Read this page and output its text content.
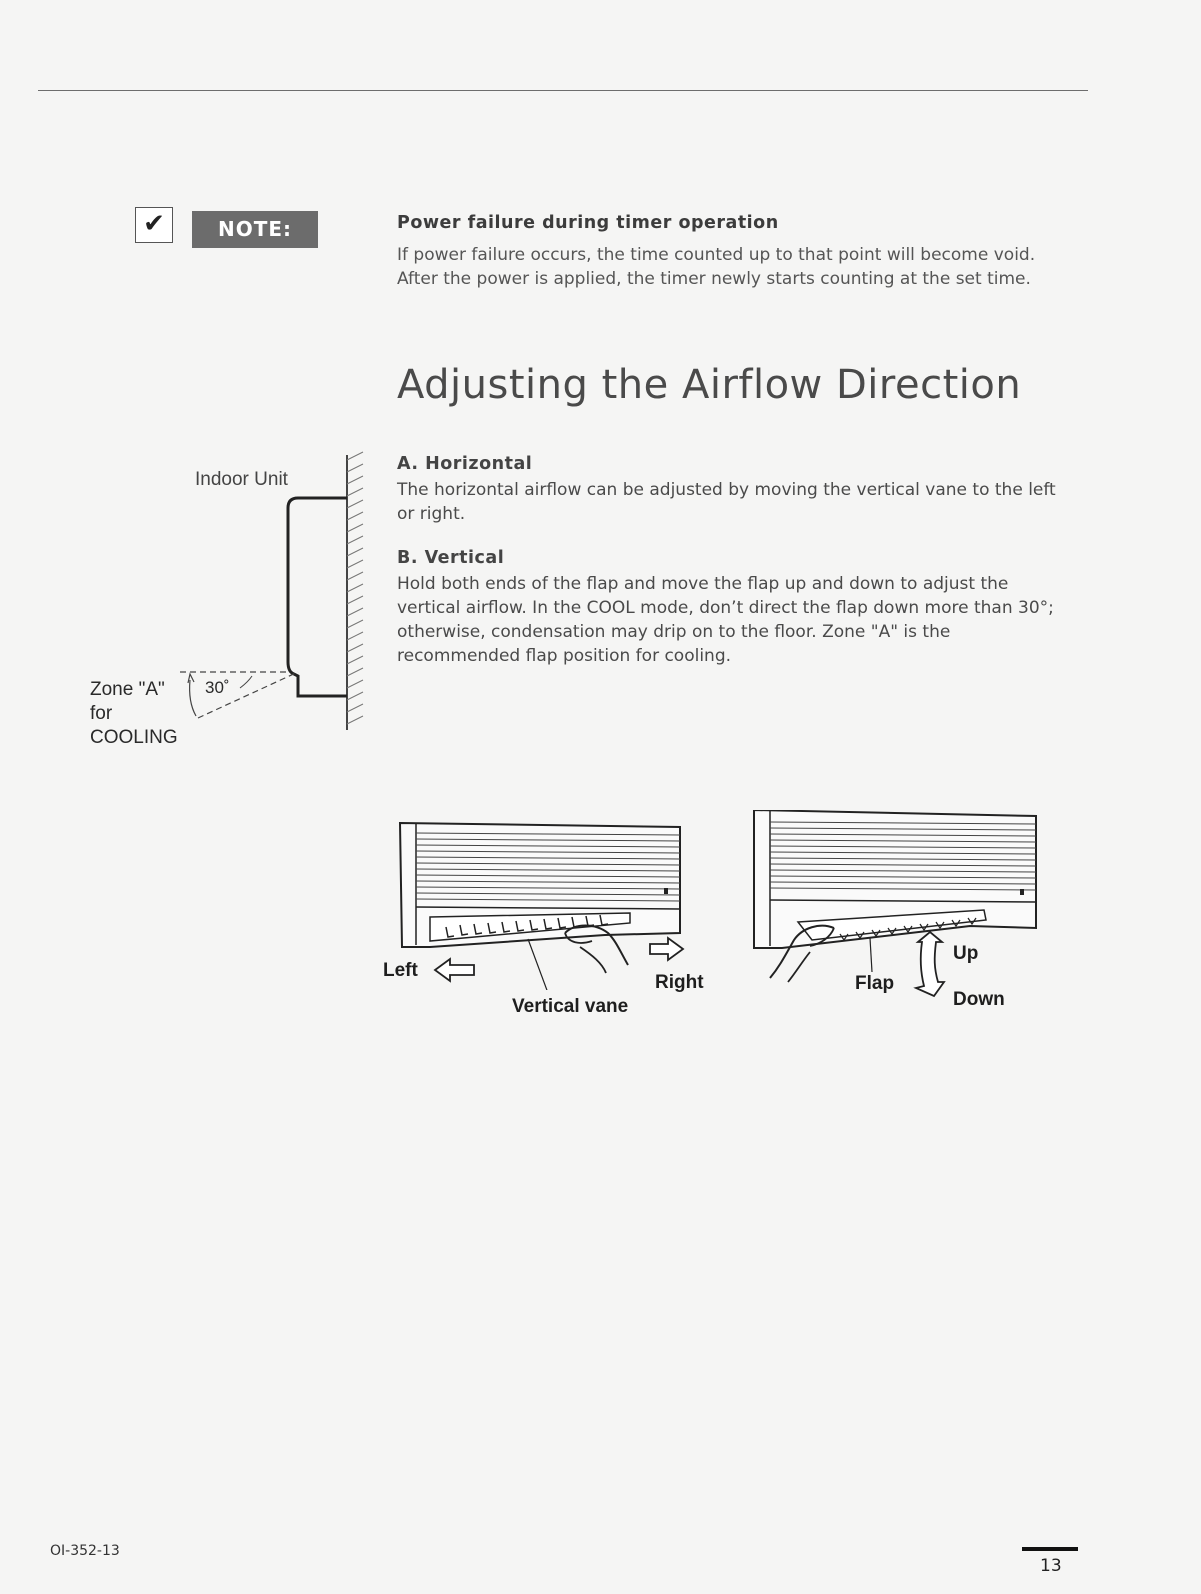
✔	NOTE:	Power failure during timer operation
If power failure occurs, the time counted up to that point will become void. After the power is applied, the timer newly starts counting at the set time.
Adjusting the Airflow Direction
A. Horizontal
The horizontal airflow can be adjusted by moving the vertical vane to the left or right.
B. Vertical
Hold both ends of the flap and move the flap up and down to adjust the vertical airflow. In the COOL mode, don’t direct the flap down more than 30°; otherwise, condensation may drip on to the floor. Zone "A" is the recommended flap position for cooling.
Indoor Unit
30˚
Zone "A"
for
COOLING
Left
Right
Vertical vane
Flap
Up
Down
OI-352-13
13
